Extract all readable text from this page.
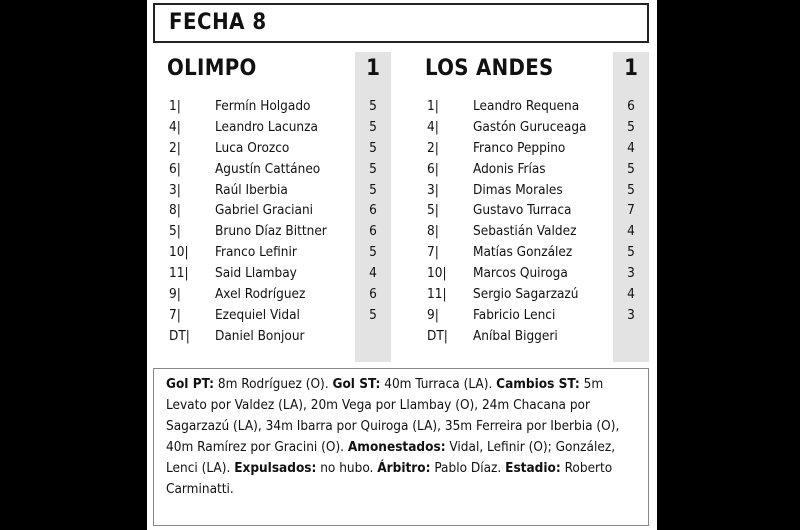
FECHA 8
OLIMPO	1
1|	Fermín Holgado	5
4|	Leandro Lacunza	5
2|	Luca Orozco	5
6|	Agustín Cattáneo	5
3|	Raúl Iberbia	5
8|	Gabriel Graciani	6
5|	Bruno Díaz Bittner	6
10| Franco Lefinir	5
11| Said Llambay	4
9|	Axel Rodríguez	6
7|	Ezequiel Vidal	5
DT| Daniel Bonjour
LOS ANDES	1
1|	Leandro Requena	6
4|	Gastón Guruceaga	5
2|	Franco Peppino	4
6|	Adonis Frías	5
3|	Dimas Morales	5
5|	Gustavo Turraca	7
8|	Sebastián Valdez	4
7|	Matías González	5
10| Marcos Quiroga	3
11| Sergio Sagarzazú	4
9|	Fabricio Lenci	3
DT| Aníbal Biggeri
Gol PT: 8m Rodríguez (O). Gol ST: 40m Turraca (LA). Cambios ST: 5m Levato por Valdez (LA), 20m Vega por Llambay (O), 24m Chacana por Sagarzazú (LA), 34m Ibarra por Quiroga (LA), 35m Ferreira por Iberbia (O), 40m Ramírez por Gracini (O). Amonestados: Vidal, Lefinir (O); González, Lenci (LA). Expulsados: no hubo. Árbitro: Pablo Díaz. Estadio: Roberto Carminatti.
